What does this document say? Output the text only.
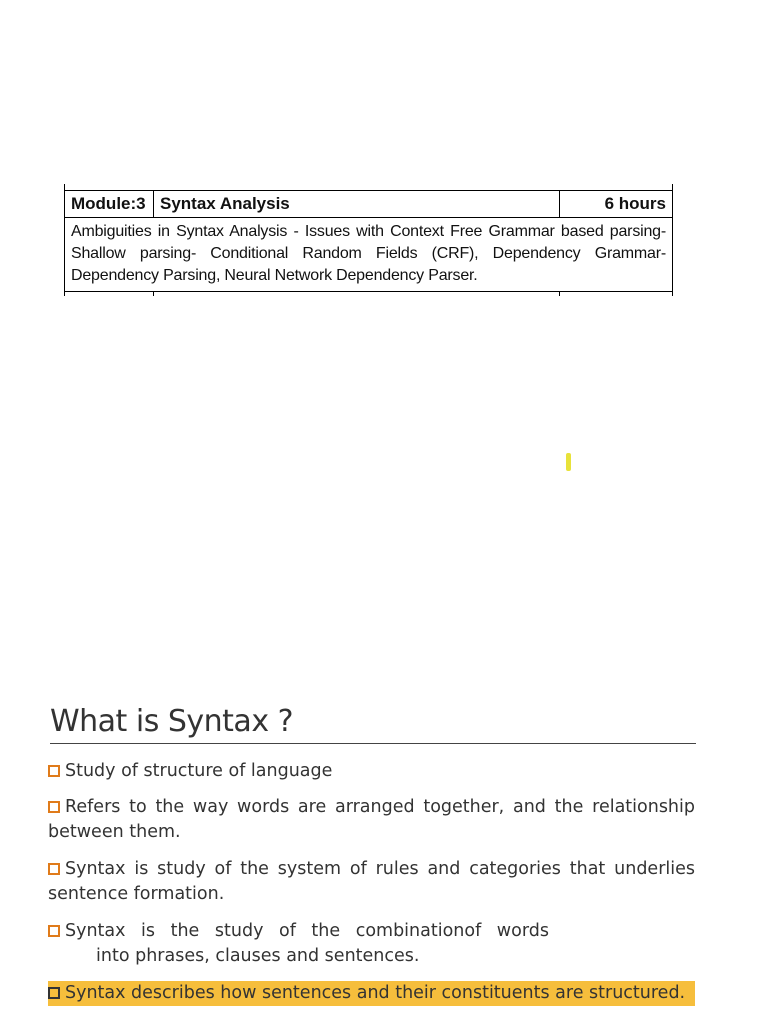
Module:3	Syntax Analysis	6 hours
Ambiguities in Syntax Analysis - Issues with Context Free Grammar based parsing- Shallow parsing- Conditional Random Fields (CRF), Dependency Grammar- Dependency Parsing, Neural Network Dependency Parser.		

What is Syntax ?
Study of structure of language
Refers to the way words are arranged together, and the relationship between them.
Syntax is study of the system of rules and categories that underlies sentence formation.
Syntax is the study of the combinationof words
into phrases, clauses and sentences.
Syntax describes how sentences and their constituents are structured.
